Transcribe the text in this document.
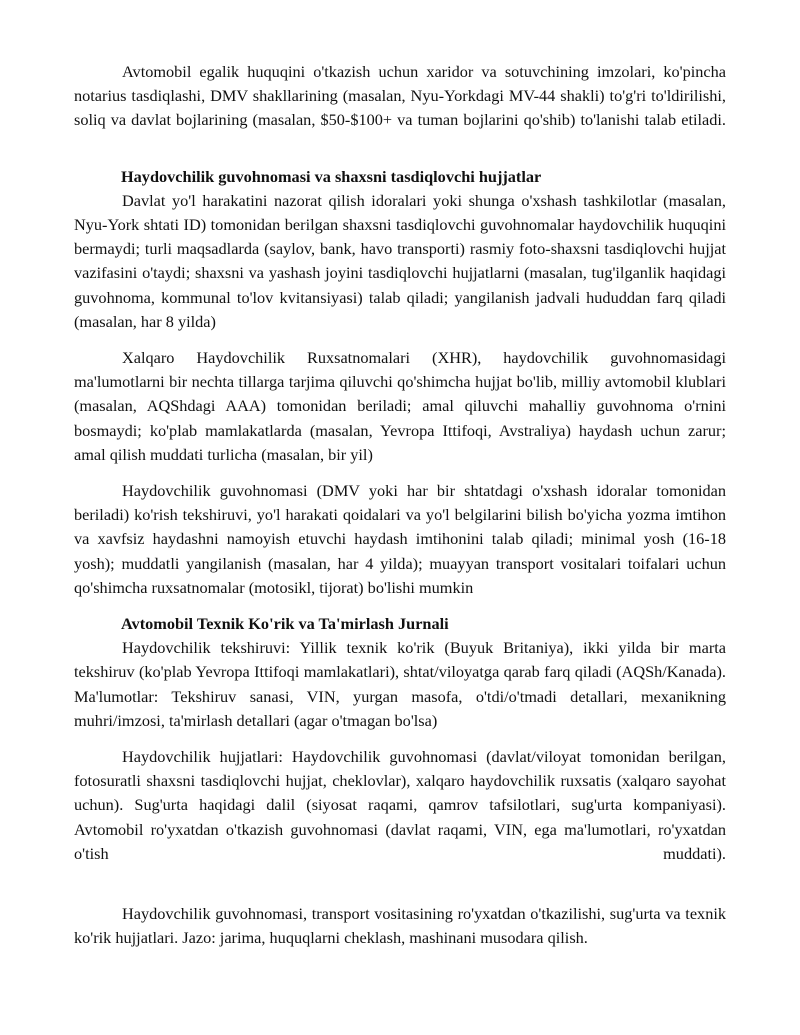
Avtomobil egalik huquqini o'tkazish uchun xaridor va sotuvchining imzolari, ko'pincha notarius tasdiqlashi, DMV shakllarining (masalan, Nyu-Yorkdagi MV-44 shakli) to'g'ri to'ldirilishi, soliq va davlat bojlarining (masalan, $50-$100+ va tuman bojlarini qo'shib) to'lanishi talab etiladi.

Haydovchilik guvohnomasi va shaxsni tasdiqlovchi hujjatlar

Davlat yo'l harakatini nazorat qilish idoralari yoki shunga o'xshash tashkilotlar (masalan, Nyu-York shtati ID) tomonidan berilgan shaxsni tasdiqlovchi guvohnomalar haydovchilik huquqini bermaydi; turli maqsadlarda (saylov, bank, havo transporti) rasmiy foto-shaxsni tasdiqlovchi hujjat vazifasini o'taydi; shaxsni va yashash joyini tasdiqlovchi hujjatlarni (masalan, tug'ilganlik haqidagi guvohnoma, kommunal to'lov kvitansiyasi) talab qiladi; yangilanish jadvali hududdan farq qiladi (masalan, har 8 yilda)

Xalqaro Haydovchilik Ruxsatnomalari (XHR), haydovchilik guvohnomasidagi ma'lumotlarni bir nechta tillarga tarjima qiluvchi qo'shimcha hujjat bo'lib, milliy avtomobil klublari (masalan, AQShdagi AAA) tomonidan beriladi; amal qiluvchi mahalliy guvohnoma o'rnini bosmaydi; ko'plab mamlakatlarda (masalan, Yevropa Ittifoqi, Avstraliya) haydash uchun zarur; amal qilish muddati turlicha (masalan, bir yil)

Haydovchilik guvohnomasi (DMV yoki har bir shtatdagi o'xshash idoralar tomonidan beriladi) ko'rish tekshiruvi, yo'l harakati qoidalari va yo'l belgilarini bilish bo'yicha yozma imtihon va xavfsiz haydashni namoyish etuvchi haydash imtihonini talab qiladi; minimal yosh (16-18 yosh); muddatli yangilanish (masalan, har 4 yilda); muayyan transport vositalari toifalari uchun qo'shimcha ruxsatnomalar (motosikl, tijorat) bo'lishi mumkin

Avtomobil Texnik Ko'rik va Ta'mirlash Jurnali

Haydovchilik tekshiruvi: Yillik texnik ko'rik (Buyuk Britaniya), ikki yilda bir marta tekshiruv (ko'plab Yevropa Ittifoqi mamlakatlari), shtat/viloyatga qarab farq qiladi (AQSh/Kanada). Ma'lumotlar: Tekshiruv sanasi, VIN, yurgan masofa, o'tdi/o'tmadi detallari, mexanikning muhri/imzosi, ta'mirlash detallari (agar o'tmagan bo'lsa)

Haydovchilik hujjatlari: Haydovchilik guvohnomasi (davlat/viloyat tomonidan berilgan, fotosuratli shaxsni tasdiqlovchi hujjat, cheklovlar), xalqaro haydovchilik ruxsatis (xalqaro sayohat uchun). Sug'urta haqidagi dalil (siyosat raqami, qamrov tafsilotlari, sug'urta kompaniyasi). Avtomobil ro'yxatdan o'tkazish guvohnomasi (davlat raqami, VIN, ega ma'lumotlari, ro'yxatdan o'tish muddati).

Haydovchilik guvohnomasi, transport vositasining ro'yxatdan o'tkazilishi, sug'urta va texnik ko'rik hujjatlari. Jazo: jarima, huquqlarni cheklash, mashinani musodara qilish.
